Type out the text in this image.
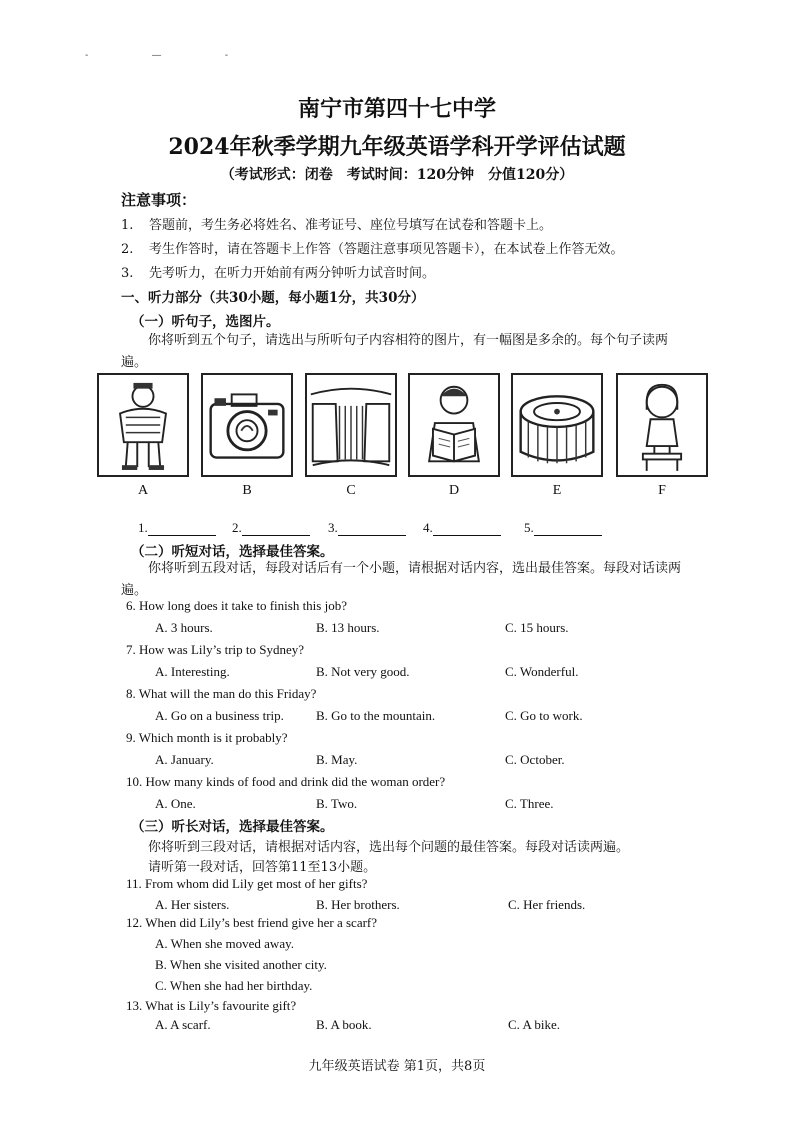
- — -
南宁市第四十七中学
2024年秋季学期九年级英语学科开学评估试题
（考试形式：闭卷　考试时间：120分钟　分值120分）
注意事项：
1. 答题前，考生务必将姓名、准考证号、座位号填写在试卷和答题卡上。
2. 考生作答时，请在答题卡上作答（答题注意事项见答题卡），在本试卷上作答无效。
3. 先考听力，在听力开始前有两分钟听力试音时间。
一、听力部分（共30小题，每小题1分，共30分）
（一）听句子，选图片。
你将听到五个句子，请选出与所听句子内容相符的图片，有一幅图是多余的。每个句子读两遍。
A	B	C	D	E	F
1.	2.	3.	4.	5.
（二）听短对话，选择最佳答案。
你将听到五段对话，每段对话后有一个小题，请根据对话内容，选出最佳答案。每段对话读两遍。
6. How long does it take to finish this job?
A. 3 hours.	B. 13 hours.	C. 15 hours.
7. How was Lily’s trip to Sydney?
A. Interesting.	B. Not very good.	C. Wonderful.
8. What will the man do this Friday?
A. Go on a business trip. B. Go to the mountain.	C. Go to work.
9. Which month is it probably?
A. January.	B. May.	C. October.
10. How many kinds of food and drink did the woman order?
A. One.	B. Two.	C. Three.
（三）听长对话，选择最佳答案。
你将听到三段对话，请根据对话内容，选出每个问题的最佳答案。每段对话读两遍。
请听第一段对话，回答第11至13小题。
11. From whom did Lily get most of her gifts?
A. Her sisters.	B. Her brothers.	C. Her friends.
12. When did Lily’s best friend give her a scarf?
A. When she moved away.
B. When she visited another city.
C. When she had her birthday.
13. What is Lily’s favourite gift?
A. A scarf.	B. A book.	C. A bike.
九年级英语试卷 第1页，共8页
